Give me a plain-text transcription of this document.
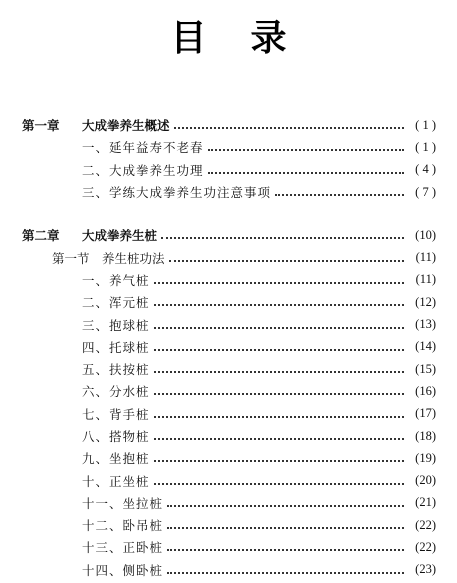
目录
第一章 大成拳养生概述	( 1 )
一、延年益寿不老春	( 1 )
二、大成拳养生功理	( 4 )
三、学练大成拳养生功注意事项	( 7 )
第二章 大成拳养生桩	(10)
第一节　养生桩功法	(11)
一、养气桩	(11)
二、浑元桩	(12)
三、抱球桩	(13)
四、托球桩	(14)
五、扶按桩	(15)
六、分水桩	(16)
七、背手桩	(17)
八、搭物桩	(18)
九、坐抱桩	(19)
十、正坐桩	(20)
十一、坐拉桩	(21)
十二、卧吊桩	(22)
十三、正卧桩	(22)
十四、侧卧桩	(23)
